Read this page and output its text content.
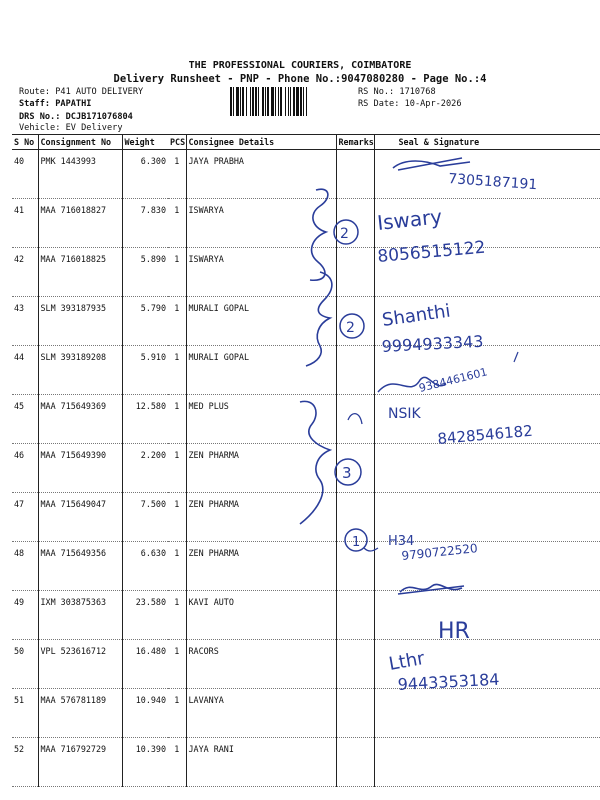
THE PROFESSIONAL COURIERS, COIMBATORE
Delivery Runsheet - PNP - Phone No.:9047080280 - Page No.:4
Route: P41 AUTO DELIVERY
Staff: PAPATHI
DRS No.: DCJB171076804
Vehicle: EV Delivery
RS No.: 1710768
RS Date: 10-Apr-2026
S No	Consignment No	Weight	PCS	Consignee Details	Remarks	Seal & Signature
40	PMK 1443993	6.300	1	JAYA PRABHA		
41	MAA 716018827	7.830	1	ISWARYA		
42	MAA 716018825	5.890	1	ISWARYA		
43	SLM 393187935	5.790	1	MURALI GOPAL		
44	SLM 393189208	5.910	1	MURALI GOPAL		
45	MAA 715649369	12.580	1	MED PLUS		
46	MAA 715649390	2.200	1	ZEN PHARMA		
47	MAA 715649047	7.500	1	ZEN PHARMA		
48	MAA 715649356	6.630	1	ZEN PHARMA		
49	IXM 303875363	23.580	1	KAVI AUTO		
50	VPL 523616712	16.480	1	RACORS		
51	MAA 576781189	10.940	1	LAVANYA		
52	MAA 716792729	10.390	1	JAYA RANI		
7305187191
2 Iswary
8056515122
2 Shanthi
9994933343
9384461601
3
NSIK
8428546182
1 H34
9790722520
HR
Lthr
9443353184
